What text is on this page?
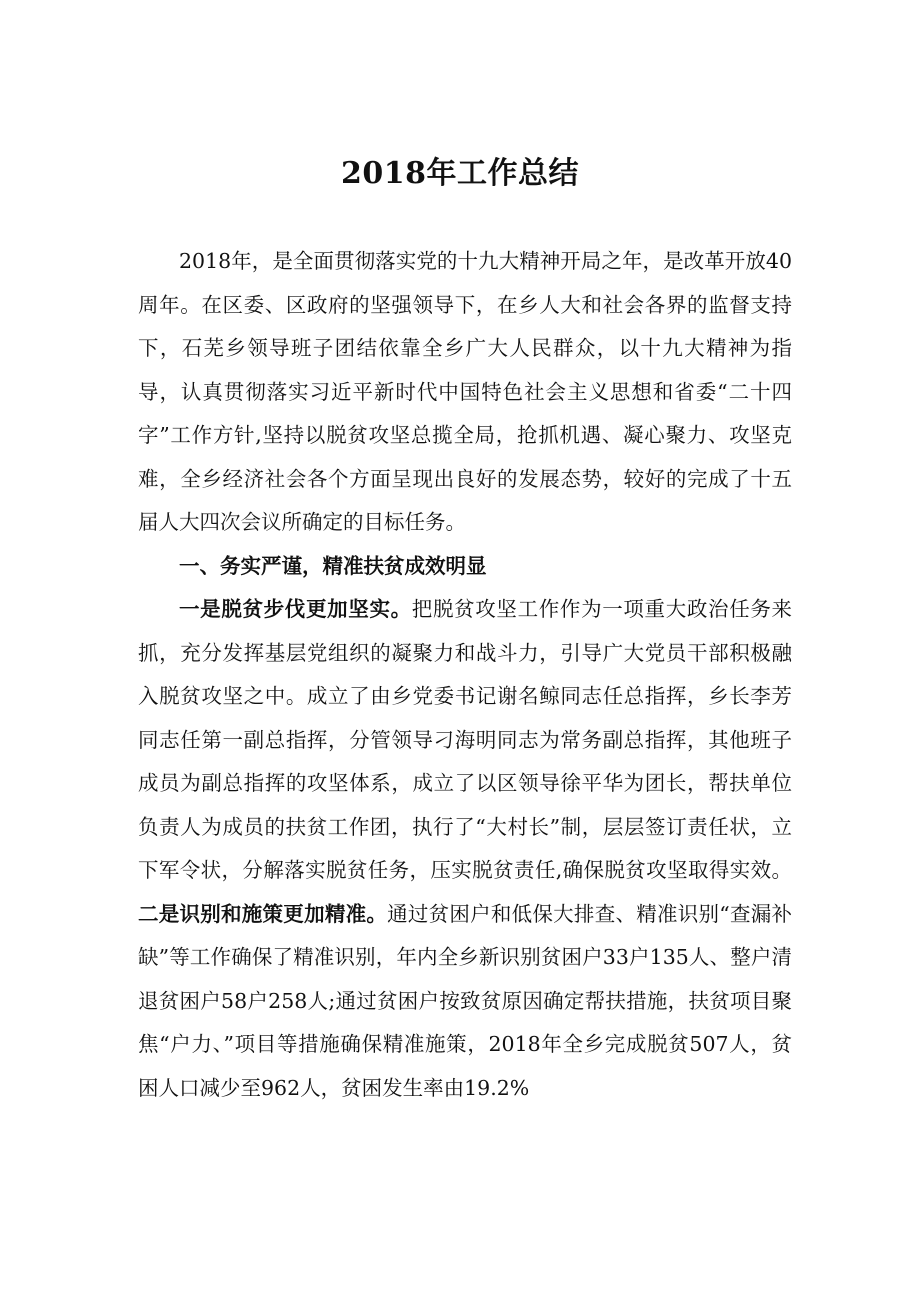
2018年工作总结

2018年，是全面贯彻落实党的十九大精神开局之年，是改革开放40周年。在区委、区政府的坚强领导下，在乡人大和社会各界的监督支持下，石芜乡领导班子团结依靠全乡广大人民群众，以十九大精神为指导，认真贯彻落实习近平新时代中国特色社会主义思想和省委“二十四字”工作方针,坚持以脱贫攻坚总揽全局，抢抓机遇、凝心聚力、攻坚克难，全乡经济社会各个方面呈现出良好的发展态势，较好的完成了十五届人大四次会议所确定的目标任务。

一、务实严谨，精准扶贫成效明显

一是脱贫步伐更加坚实。把脱贫攻坚工作作为一项重大政治任务来抓，充分发挥基层党组织的凝聚力和战斗力，引导广大党员干部积极融入脱贫攻坚之中。成立了由乡党委书记谢名鲸同志任总指挥，乡长李芳同志任第一副总指挥，分管领导刁海明同志为常务副总指挥，其他班子成员为副总指挥的攻坚体系，成立了以区领导徐平华为团长，帮扶单位负责人为成员的扶贫工作团，执行了“大村长”制，层层签订责任状，立下军令状，分解落实脱贫任务，压实脱贫责任,确保脱贫攻坚取得实效。二是识别和施策更加精准。通过贫困户和低保大排查、精准识别“查漏补缺”等工作确保了精准识别，年内全乡新识别贫困户33户135人、整户清退贫困户58户258人;通过贫困户按致贫原因确定帮扶措施，扶贫项目聚焦“户力、”项目等措施确保精准施策，2018年全乡完成脱贫507人，贫困人口减少至962人，贫困发生率由19.2%
